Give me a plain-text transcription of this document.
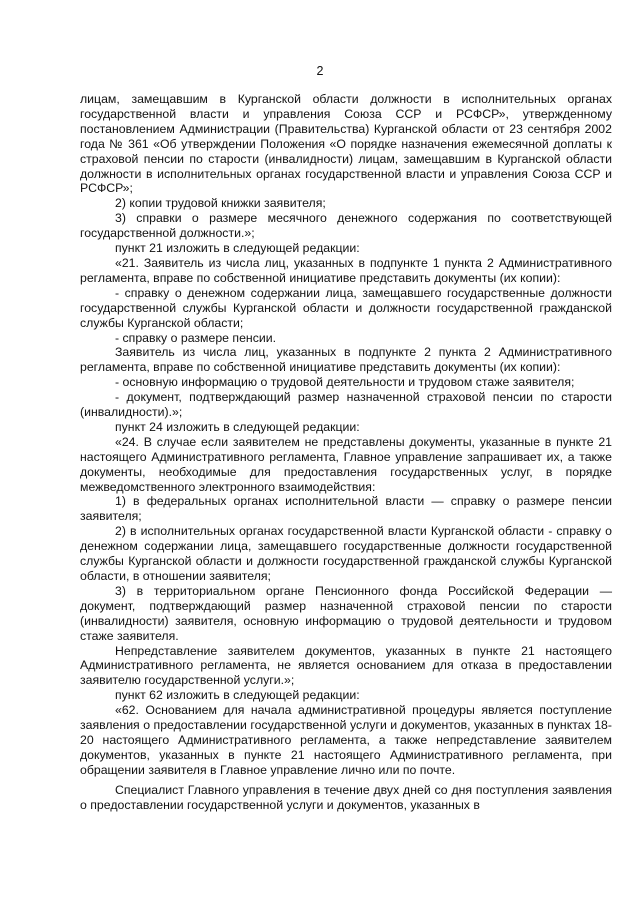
2

лицам, замещавшим в Курганской области должности в исполнительных органах государственной власти и управления Союза ССР и РСФСР», утвержденному постановлением Администрации (Правительства) Курганской области от 23 сентября 2002 года № 361 «Об утверждении Положения «О порядке назначения ежемесячной доплаты к страховой пенсии по старости (инвалидности) лицам, замещавшим в Курганской области должности в исполнительных органах государственной власти и управления Союза ССР и РСФСР»;

2) копии трудовой книжки заявителя;

3) справки о размере месячного денежного содержания по соответствующей государственной должности.»;

пункт 21 изложить в следующей редакции:

«21. Заявитель из числа лиц, указанных в подпункте 1 пункта 2 Административного регламента, вправе по собственной инициативе представить документы (их копии):

- справку о денежном содержании лица, замещавшего государственные должности государственной службы Курганской области и должности государственной гражданской службы Курганской области;

- справку о размере пенсии.

Заявитель из числа лиц, указанных в подпункте 2 пункта 2 Административного регламента, вправе по собственной инициативе представить документы (их копии):

- основную информацию о трудовой деятельности и трудовом стаже заявителя;

- документ, подтверждающий размер назначенной страховой пенсии по старости (инвалидности).»;

пункт 24 изложить в следующей редакции:

«24. В случае если заявителем не представлены документы, указанные в пункте 21 настоящего Административного регламента, Главное управление запрашивает их, а также документы, необходимые для предоставления государственных услуг, в порядке межведомственного электронного взаимодействия:

1) в федеральных органах исполнительной власти — справку о размере пенсии заявителя;

2) в исполнительных органах государственной власти Курганской области - справку о денежном содержании лица, замещавшего государственные должности государственной службы Курганской области и должности государственной гражданской службы Курганской области, в отношении заявителя;

3) в территориальном органе Пенсионного фонда Российской Федерации — документ, подтверждающий размер назначенной страховой пенсии по старости (инвалидности) заявителя, основную информацию о трудовой деятельности и трудовом стаже заявителя.

Непредставление заявителем документов, указанных в пункте 21 настоящего Административного регламента, не является основанием для отказа в предоставлении заявителю государственной услуги.»;

пункт 62 изложить в следующей редакции:

«62. Основанием для начала административной процедуры является поступление заявления о предоставлении государственной услуги и документов, указанных в пунктах 18-20 настоящего Административного регламента, а также непредставление заявителем документов, указанных в пункте 21 настоящего Административного регламента, при обращении заявителя в Главное управление лично или по почте.

Специалист Главного управления в течение двух дней со дня поступления заявления о предоставлении государственной услуги и документов, указанных в
